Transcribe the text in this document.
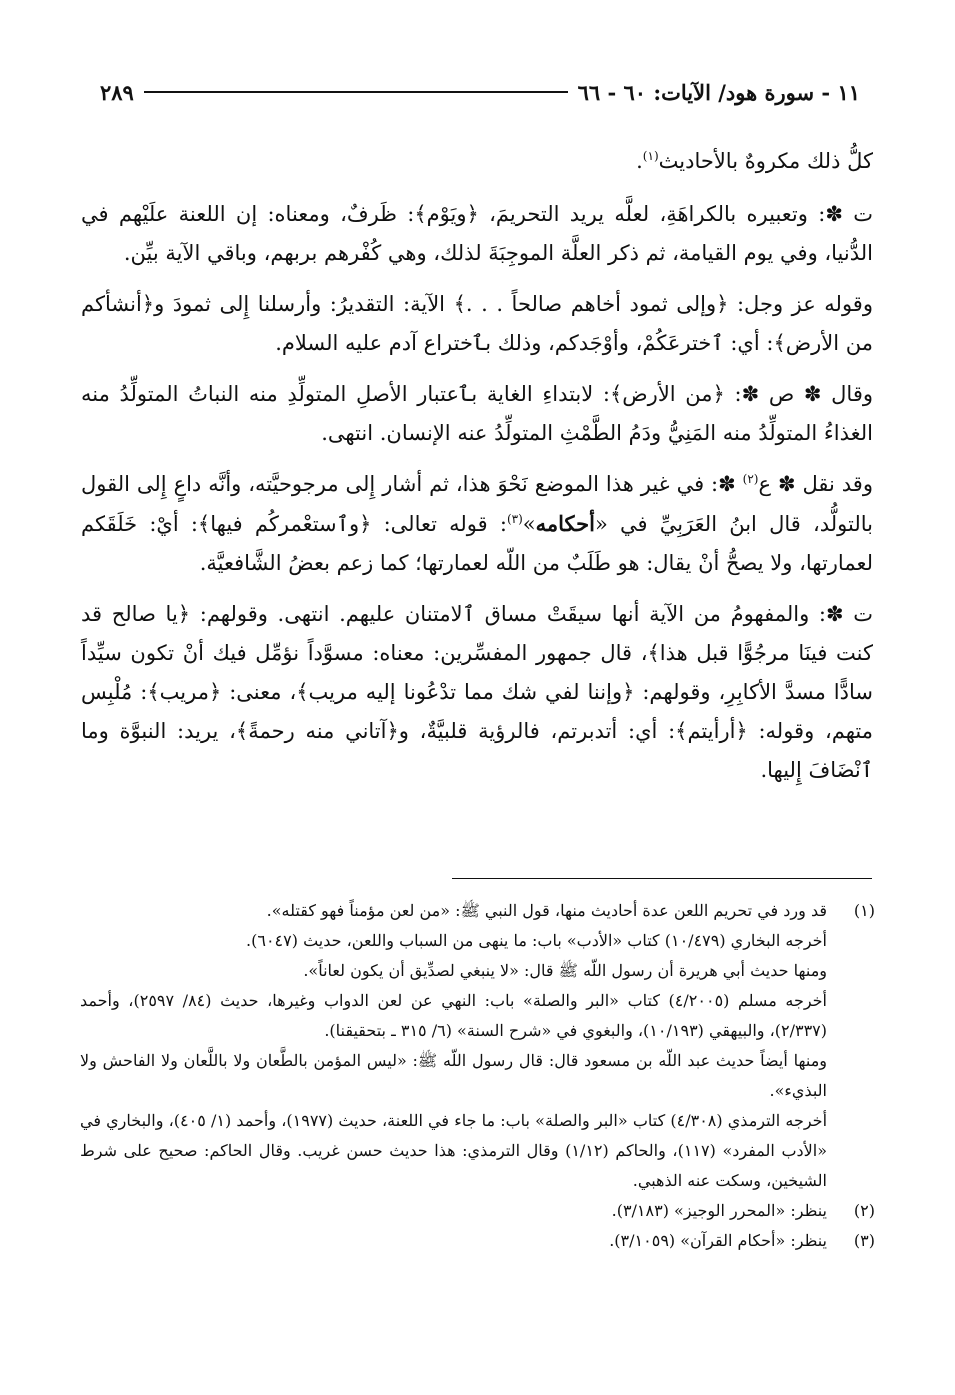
١١ - سورة هود/ الآيات: ٦٠ - ٦٦
٢٨٩

كلُّ ذلك مكروهٌ بالأحاديث$^{(١)}$.

ت ✽: وتعبيره بالكراهَةِ، لعلَّه يريد التحريمَ، ﴿ويَوْم﴾: ظَرفٌ، ومعناه: إن اللعنة علَيْهم في الدُّنيا، وفي يوم القيامة، ثم ذكر العلَّة الموجِبَةَ لذلك، وهي كُفْرهم بربهم، وباقي الآية بيِّن.

وقوله عز وجل: ﴿وإلى ثمود أخاهم صالحاً . . .﴾ الآية: التقديرُ: وأرسلنا إِلى ثمودَ و﴿أنشأكم من الأرض﴾: أي: ٱخترعَكُمْ، وأوْجَدكم، وذلك بٱختراع آدم عليه السلام.

وقال ✽ ص ✽: ﴿من الأرض﴾: لابتداءِ الغاية بٱعتبار الأصلِ المتولِّدِ منه النباتُ المتولِّدُ منه الغذاءُ المتولِّدُ منه المَنِيُّ ودَمُ الطَّمْثِ المتولِّدُ عنه الإنسان. انتهى.

وقد نقل ✽ ع$^{(٢)}$ ✽: في غير هذا الموضع نَحْوَ هذا، ثم أشار إِلى مرجوحيَّته، وأنَّه داعٍ إِلى القول بالتولُّد، قال ابنُ العَرَبِيِّ في «أحكامه»$^{(٣)}$: قوله تعالى: ﴿وٱستعْمركُم فيها﴾: أيْ: خَلَقَكم لعمارتها، ولا يصحُّ أنْ يقال: هو طَلَبٌ من اللّه لعمارتها؛ كما زعم بعضُ الشَّافعيَّة.

ت ✽: والمفهومُ من الآية أنها سيقَتْ مساق ٱلامتنان عليهم. انتهى. وقولهم: ﴿يا صالح قد كنت فينَا مرجُوًّا قبل هذا﴾، قال جمهور المفسِّرين: معناه: مسوَّداً نؤمِّل فيك أنْ تكون سيِّداً سادًّا مسدَّ الأكابِرِ، وقولهم: ﴿وإننا لفي شك مما تدْعُونا إليه مريب﴾، معنى: ﴿مريب﴾: مُلْبِس متهم، وقوله: ﴿أرأيتم﴾: أي: أتدبرتم، فالرؤية قلبيَّةٌ، و﴿آتاني منه رحمةً﴾، يريد: النبوَّة وما ٱنْضَافَ إِليها.

(١)

قد ورد في تحريم اللعن عدة أحاديث منها، قول النبي ﷺ: «من لعن مؤمناً فهو كقتله».

أخرجه البخاري (١٠/٤٧٩) كتاب «الأدب» باب: ما ينهى من السباب واللعن، حديث (٦٠٤٧).

ومنها حديث أبي هريرة أن رسول اللّه ﷺ قال: «لا ينبغي لصدِّيق أن يكون لعاناً».

أخرجه مسلم (٤/٢٠٠٥) كتاب «البر والصلة» باب: النهي عن لعن الدواب وغيرها، حديث (٨٤/ ٢٥٩٧)، وأحمد (٢/٣٣٧)، والبيهقي (١٠/١٩٣)، والبغوي في «شرح السنة» (٦/ ٣١٥ ـ بتحقيقنا).

ومنها أيضاً حديث عبد اللّه بن مسعود قال: قال رسول اللّه ﷺ: «ليس المؤمن بالطَّعان ولا باللَّعان ولا الفاحش ولا البذيء».

أخرجه الترمذي (٤/٣٠٨) كتاب «البر والصلة» باب: ما جاء في اللعنة، حديث (١٩٧٧)، وأحمد (١/ ٤٠٥)، والبخاري في «الأدب المفرد» (١١٧)، والحاكم (١/١٢) وقال الترمذي: هذا حديث حسن غريب. وقال الحاكم: صحيح على شرط الشيخين، وسكت عنه الذهبي.

(٢)

ينظر: «المحرر الوجيز» (٣/١٨٣).

(٣)

ينظر: «أحكام القرآن» (٣/١٠٥٩).
